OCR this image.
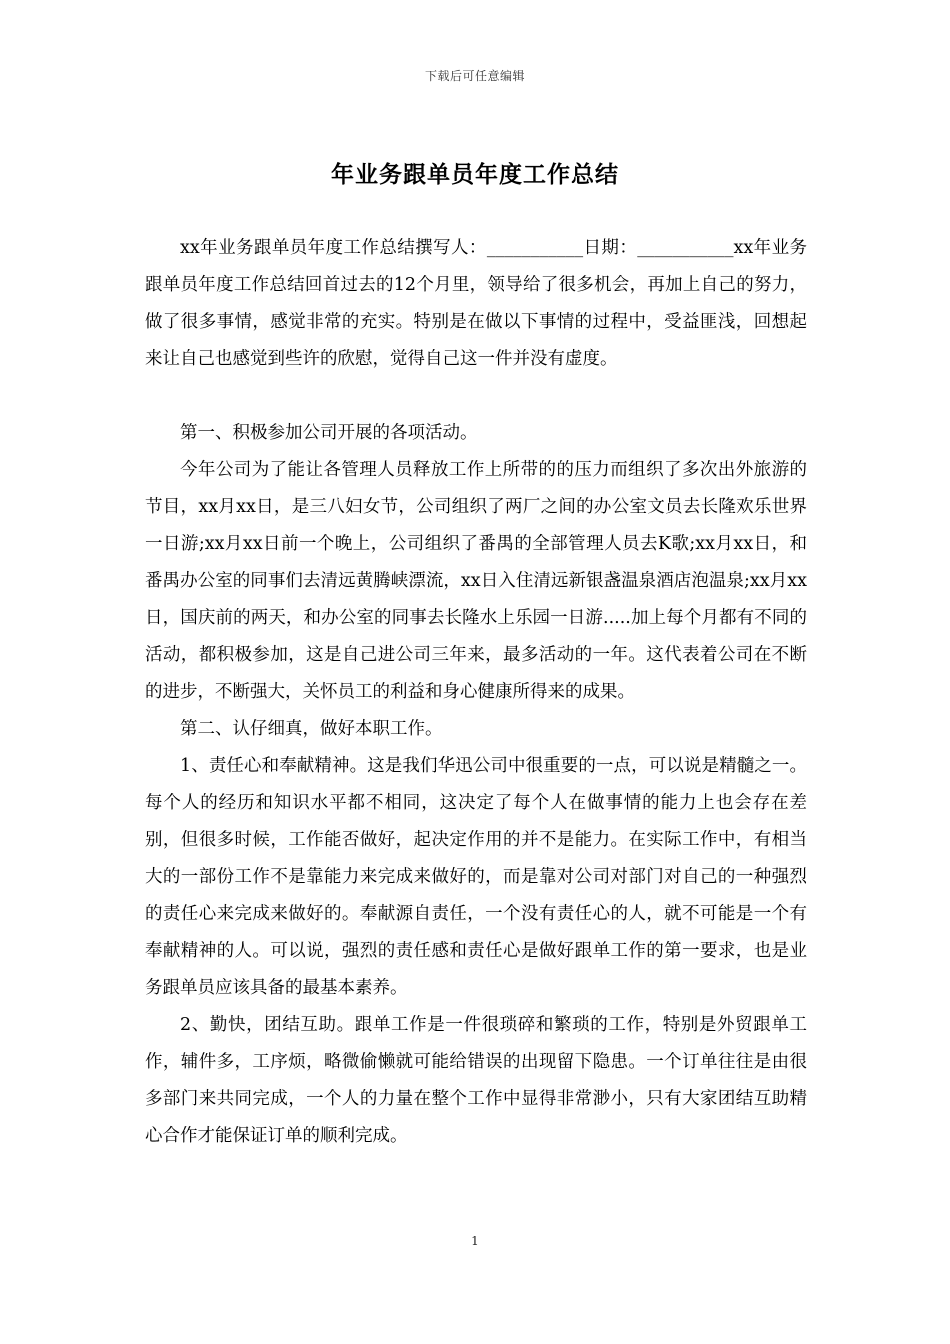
下载后可任意编辑
年业务跟单员年度工作总结

xx年业务跟单员年度工作总结撰写人：___________日期：___________xx年业务跟单员年度工作总结回首过去的12个月里，领导给了很多机会，再加上自己的努力，做了很多事情，感觉非常的充实。特别是在做以下事情的过程中，受益匪浅，回想起来让自己也感觉到些许的欣慰，觉得自己这一件并没有虚度。

第一、积极参加公司开展的各项活动。

今年公司为了能让各管理人员释放工作上所带的的压力而组织了多次出外旅游的节目，xx月xx日，是三八妇女节，公司组织了两厂之间的办公室文员去长隆欢乐世界一日游;xx月xx日前一个晚上，公司组织了番禺的全部管理人员去K歌;xx月xx日，和番禺办公室的同事们去清远黄腾峡漂流，xx日入住清远新银盏温泉酒店泡温泉;xx月xx日，国庆前的两天，和办公室的同事去长隆水上乐园一日游.....加上每个月都有不同的活动，都积极参加，这是自己进公司三年来，最多活动的一年。这代表着公司在不断的进步，不断强大，关怀员工的利益和身心健康所得来的成果。

第二、认仔细真，做好本职工作。

1、责任心和奉献精神。这是我们华迅公司中很重要的一点，可以说是精髓之一。每个人的经历和知识水平都不相同，这决定了每个人在做事情的能力上也会存在差别，但很多时候，工作能否做好，起决定作用的并不是能力。在实际工作中，有相当大的一部份工作不是靠能力来完成来做好的，而是靠对公司对部门对自己的一种强烈的责任心来完成来做好的。奉献源自责任，一个没有责任心的人，就不可能是一个有奉献精神的人。可以说，强烈的责任感和责任心是做好跟单工作的第一要求，也是业务跟单员应该具备的最基本素养。

2、勤快，团结互助。跟单工作是一件很琐碎和繁琐的工作，特别是外贸跟单工作，辅件多，工序烦，略微偷懒就可能给错误的出现留下隐患。一个订单往往是由很多部门来共同完成，一个人的力量在整个工作中显得非常渺小，只有大家团结互助精心合作才能保证订单的顺利完成。

1
